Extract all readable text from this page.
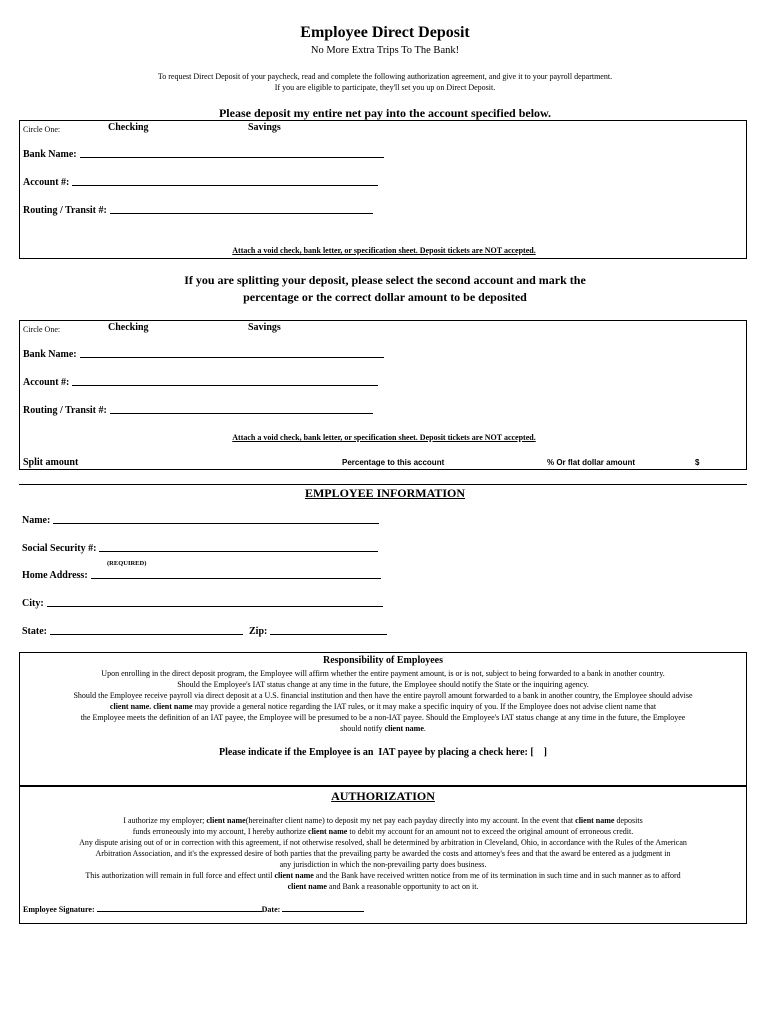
Employee Direct Deposit
No More Extra Trips To The Bank!
To request Direct Deposit of your paycheck, read and complete the following authorization agreement, and give it to your payroll department.
If you are eligible to participate, they'll set you up on Direct Deposit.
Please deposit my entire net pay into the account specified below.
Circle One:	Checking	Savings
Bank Name:
Account #:
Routing / Transit #:
Attach a void check, bank letter, or specification sheet. Deposit tickets are NOT accepted.
If you are splitting your deposit, please select the second account and mark the
percentage or the correct dollar amount to be deposited
Circle One:	Checking	Savings
Bank Name:
Account #:
Routing / Transit #:
Attach a void check, bank letter, or specification sheet. Deposit tickets are NOT accepted.
Split amount	Percentage to this account	% Or flat dollar amount	$
EMPLOYEE INFORMATION
Name:
Social Security #:
(REQUIRED)
Home Address:
City:
State:	Zip:
Responsibility of Employees

Upon enrolling in the direct deposit program, the Employee will affirm whether the entire payment amount, is or is not, subject to being forwarded to a bank in another country.

Should the Employee's IAT status change at any time in the future, the Employee should notify the State or the inquiring agency.

Should the Employee receive payroll via direct deposit at a U.S. financial institution and then have the entire payroll amount forwarded to a bank in another country, the Employee should advise

client name. client name may provide a general notice regarding the IAT rules, or it may make a specific inquiry of you. If the Employee does not advise client name that

the Employee meets the definition of an IAT payee, the Employee will be presumed to be a non-IAT payee. Should the Employee's IAT status change at any time in the future, the Employee

should notify client name.

Please indicate if the Employee is an  IAT payee by placing a check here: [    ]
AUTHORIZATION

I authorize my employer; client name(hereinafter client name) to deposit my net pay each payday directly into my account. In the event that client name deposits

funds erroneously into my account, I hereby authorize client name to debit my account for an amount not to exceed the original amount of erroneous credit.

Any dispute arising out of or in correction with this agreement, if not otherwise resolved, shall be determined by arbitration in Cleveland, Ohio, in accordance with the Rules of the American

Arbitration Association, and it's the expressed desire of both parties that the prevailing party be awarded the costs and attorney's fees and that the award be entered as a judgment in

any jurisdiction in which the non-prevailing party does business.

This authorization will remain in full force and effect until client name and the Bank have received written notice from me of its termination in such time and in such manner as to afford

client name and Bank a reasonable opportunity to act on it.

Employee Signature:	Date:
